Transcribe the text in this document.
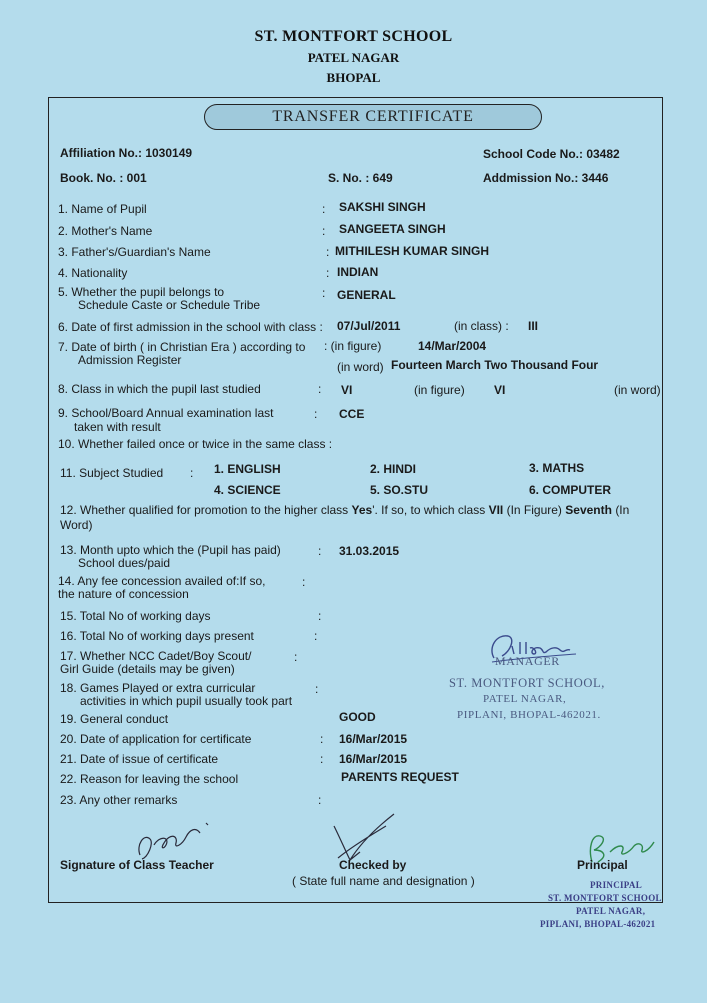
ST. MONTFORT SCHOOL
PATEL NAGAR
BHOPAL
TRANSFER CERTIFICATE
Affiliation No.: 1030149	School Code No.: 03482
Book. No. : 001	S. No. : 649	Addmission No.: 3446
1. Name of Pupil	: SAKSHI SINGH
2. Mother's Name	: SANGEETA SINGH
3. Father's/Guardian's Name	: MITHILESH KUMAR SINGH
4. Nationality	: INDIAN
5. Whether the pupil belongs to
Schedule Caste or Schedule Tribe
: GENERAL
6. Date of first admission in the school with class : 07/Jul/2011	(in class) : III
7. Date of birth ( in Christian Era ) according to
Admission Register
: (in figure)	14/Mar/2004
(in word) Fourteen March Two Thousand Four
8. Class in which the pupil last studied	: VI	(in figure) VI	(in word)
9. School/Board Annual examination last
taken with result
: CCE
10. Whether failed once or twice in the same class :
11. Subject Studied : 1. ENGLISH	2. HINDI	3. MATHS
4. SCIENCE	5. SO.STU	6. COMPUTER
12. Whether qualified for promotion to the higher class Yes'. If so, to which class VII (In Figure) Seventh (In
Word)
13. Month upto which the (Pupil has paid)
School dues/paid
: 31.03.2015
14. Any fee concession availed of:If so,
the nature of concession
:
15. Total No of working days	:
16. Total No of working days present	:
17. Whether NCC Cadet/Boy Scout/
Girl Guide (details may be given)
:
18. Games Played or extra curricular
activities in which pupil usually took part
:
19. General conduct	GOOD
20. Date of application for certificate	: 16/Mar/2015
21. Date of issue of certificate	: 16/Mar/2015
22. Reason for leaving the school	PARENTS REQUEST
23. Any other remarks	:
MANAGER
ST. MONTFORT SCHOOL,
PATEL NAGAR,
PIPLANI, BHOPAL-462021.
Signature of Class Teacher	Checked by
( State full name and designation )
Principal
PRINCIPAL
ST. MONTFORT SCHOOL
PATEL NAGAR,
PIPLANI, BHOPAL-462021
